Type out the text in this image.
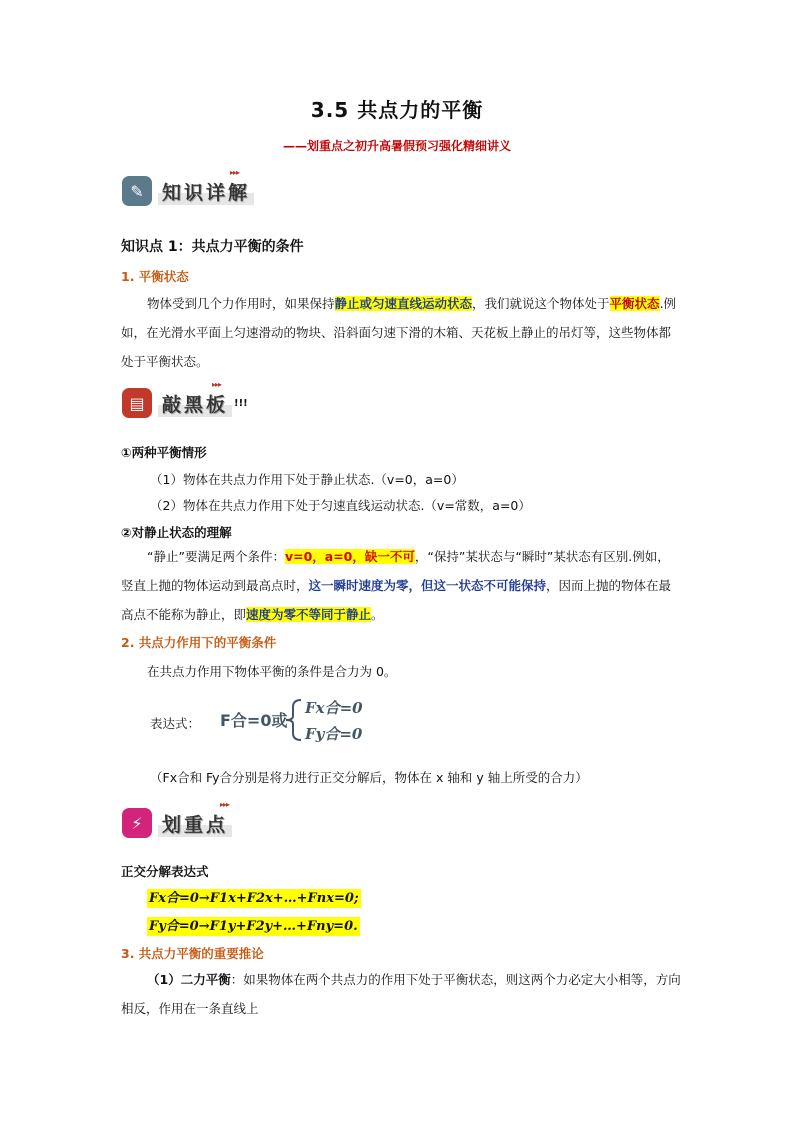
3.5 共点力的平衡
——划重点之初升高暑假预习强化精细讲义
✎ 知识详解
▸▸▸
知识点 1：共点力平衡的条件
1. 平衡状态
物体受到几个力作用时，如果保持静止或匀速直线运动状态，我们就说这个物体处于平衡状态.例如，在光滑水平面上匀速滑动的物块、沿斜面匀速下滑的木箱、天花板上静止的吊灯等，这些物体都处于平衡状态。
▤ 敲黑板 !!!
▸▸▸
①两种平衡情形
（1）物体在共点力作用下处于静止状态.（v=0，a=0）
（2）物体在共点力作用下处于匀速直线运动状态.（v=常数，a=0）
②对静止状态的理解
“静止”要满足两个条件：v=0，a=0，缺一不可，“保持”某状态与“瞬时”某状态有区别.例如，竖直上抛的物体运动到最高点时，这一瞬时速度为零，但这一状态不可能保持，因而上抛的物体在最高点不能称为静止，即速度为零不等同于静止。
2. 共点力作用下的平衡条件
在共点力作用下物体平衡的条件是合力为 0。
表达式： F合=0或
Fx合=0
Fy合=0
（Fx合和 Fy合分别是将力进行正交分解后，物体在 x 轴和 y 轴上所受的合力）
⚡	划重点
▸▸▸
正交分解表达式
Fx合=0→F1x+F2x+…+Fnx=0;
Fy合=0→F1y+F2y+…+Fny=0.
3. 共点力平衡的重要推论
（1）二力平衡：如果物体在两个共点力的作用下处于平衡状态，则这两个力必定大小相等，方向相反，作用在一条直线上
